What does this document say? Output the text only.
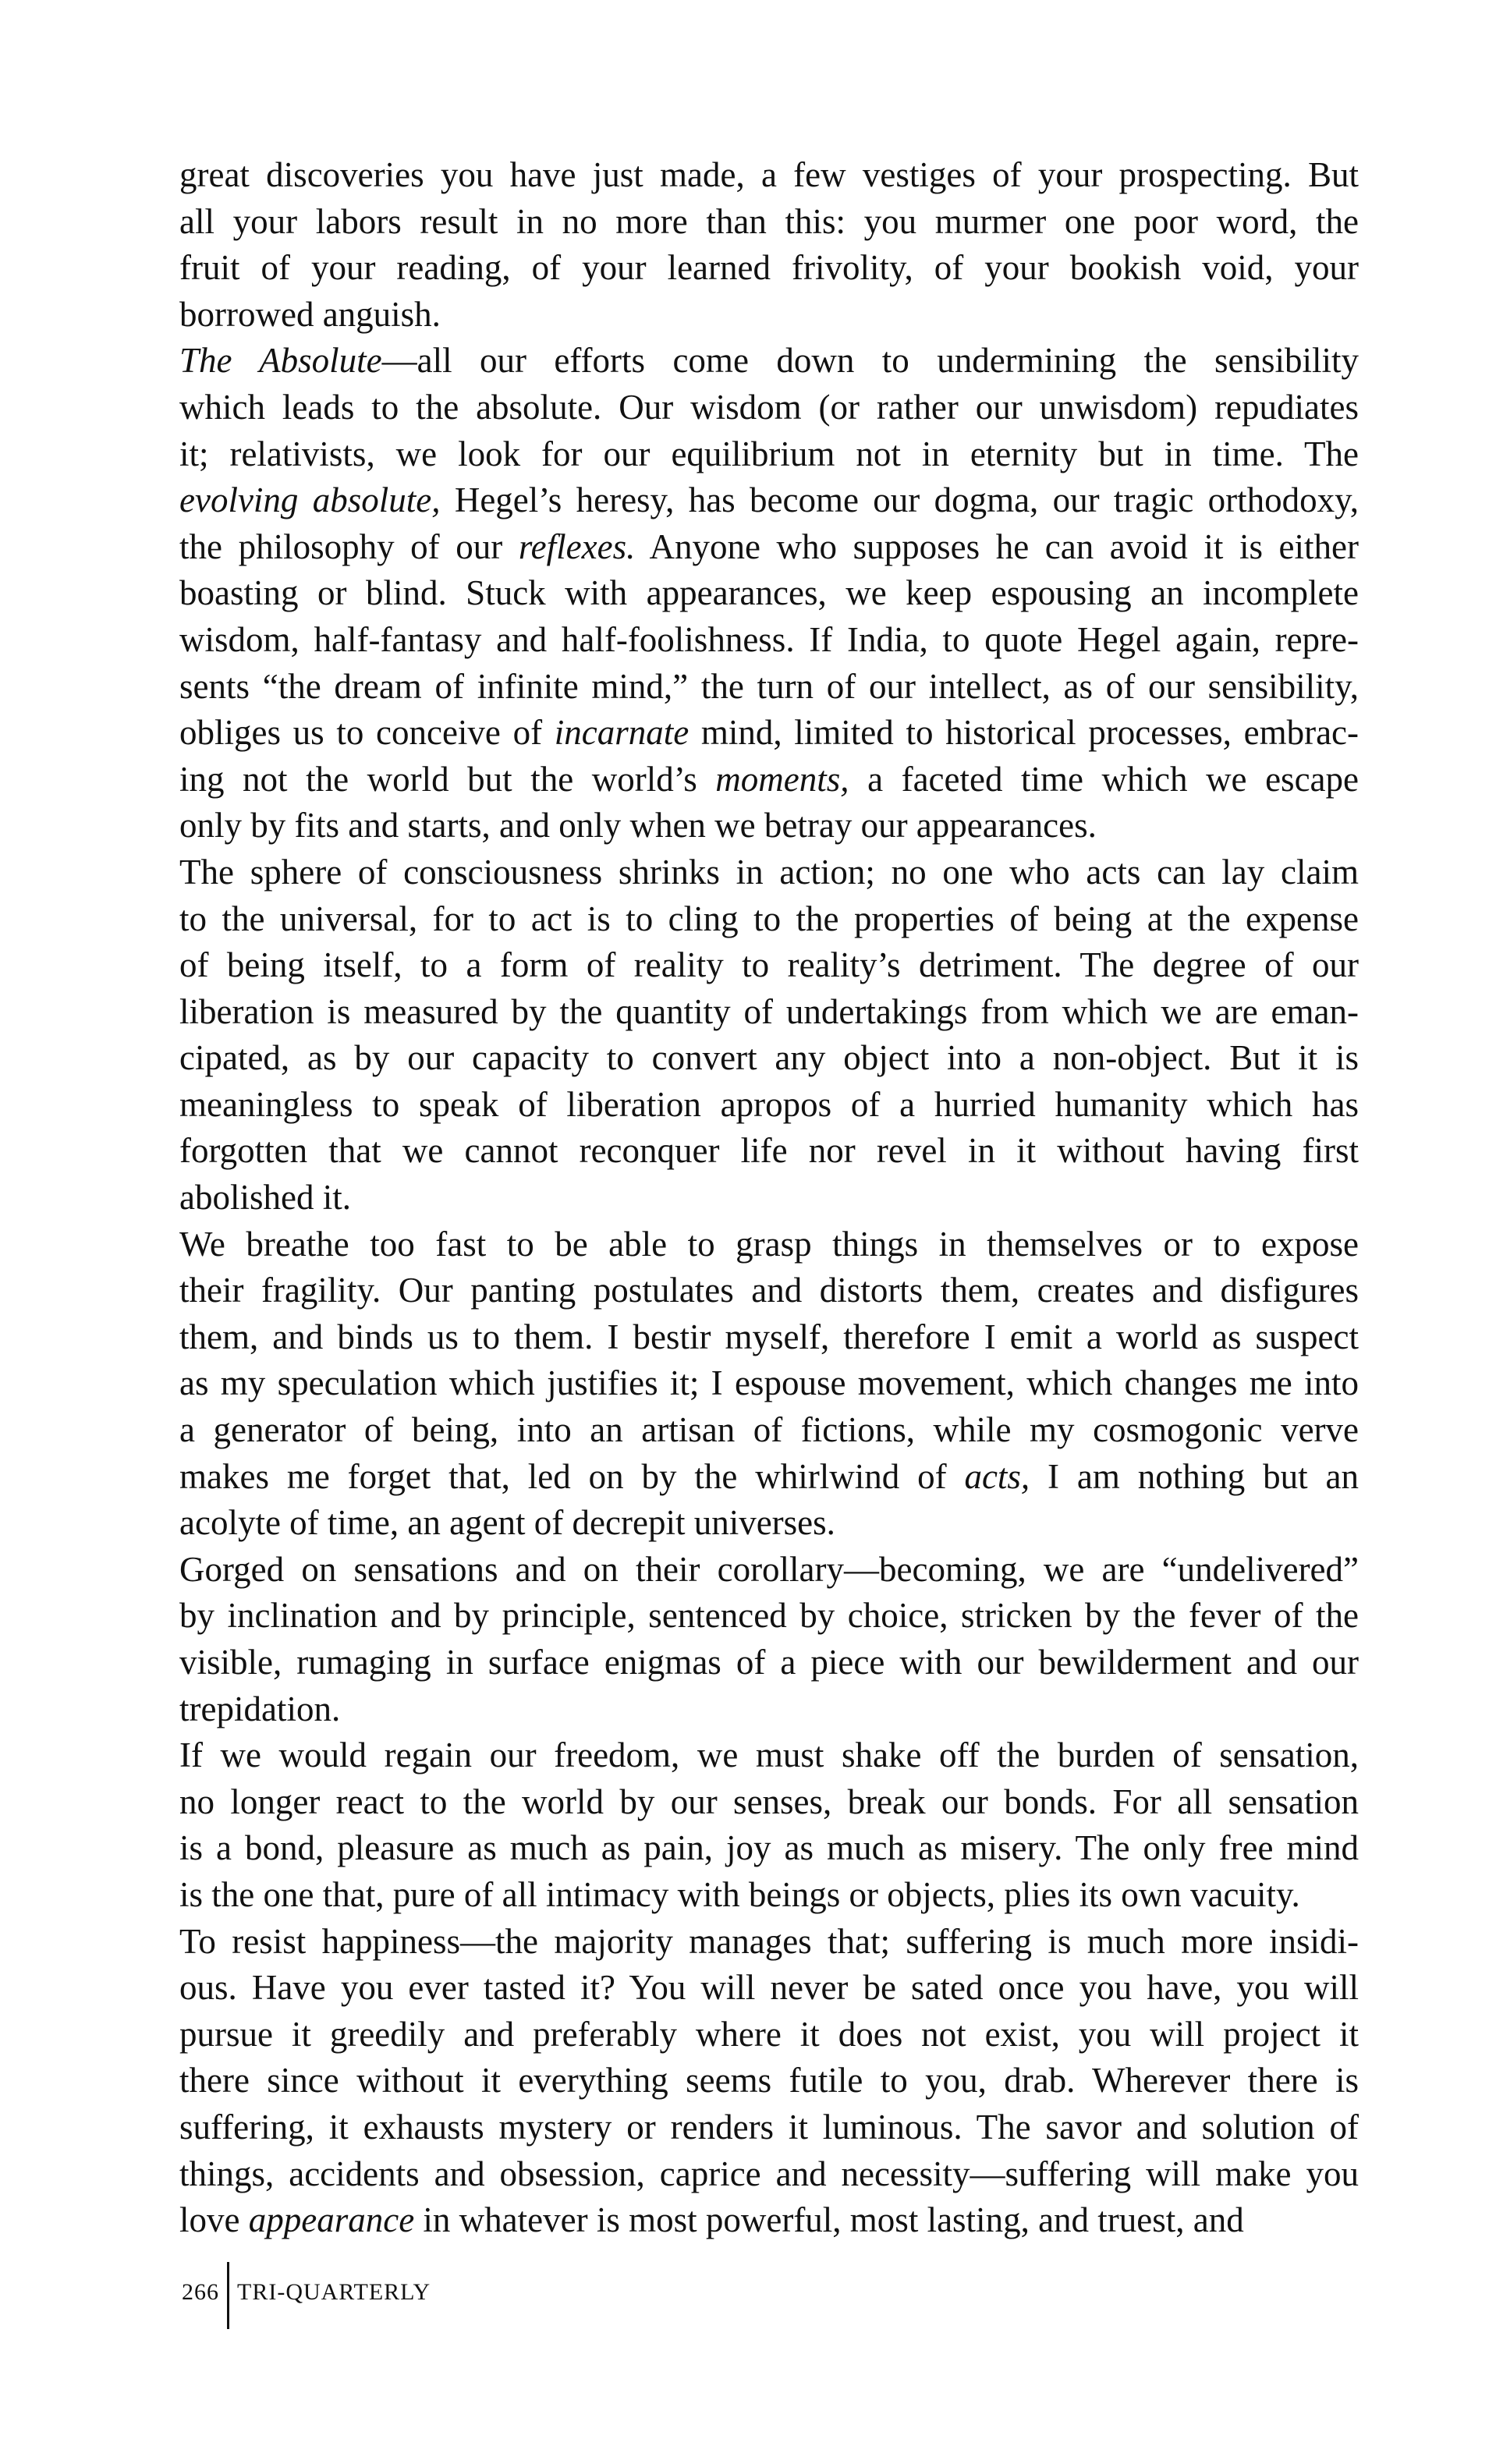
great discoveries you have just made, a few vestiges of your prospecting. But
all your labors result in no more than this: you murmer one poor word, the
fruit of your reading, of your learned frivolity, of your bookish void, your
borrowed anguish.

The Absolute—all our efforts come down to undermining the sensibility
which leads to the absolute. Our wisdom (or rather our unwisdom) repudiates
it; relativists, we look for our equilibrium not in eternity but in time. The
evolving absolute, Hegel’s heresy, has become our dogma, our tragic orthodoxy,
the philosophy of our reflexes. Anyone who supposes he can avoid it is either
boasting or blind. Stuck with appearances, we keep espousing an incomplete
wisdom, half-fantasy and half-foolishness. If India, to quote Hegel again, repre-
sents “the dream of infinite mind,” the turn of our intellect, as of our sensibility,
obliges us to conceive of incarnate mind, limited to historical processes, embrac-
ing not the world but the world’s moments, a faceted time which we escape
only by fits and starts, and only when we betray our appearances.

The sphere of consciousness shrinks in action; no one who acts can lay claim
to the universal, for to act is to cling to the properties of being at the expense
of being itself, to a form of reality to reality’s detriment. The degree of our
liberation is measured by the quantity of undertakings from which we are eman-
cipated, as by our capacity to convert any object into a non-object. But it is
meaningless to speak of liberation apropos of a hurried humanity which has
forgotten that we cannot reconquer life nor revel in it without having first
abolished it.

We breathe too fast to be able to grasp things in themselves or to expose
their fragility. Our panting postulates and distorts them, creates and disfigures
them, and binds us to them. I bestir myself, therefore I emit a world as suspect
as my speculation which justifies it; I espouse movement, which changes me into
a generator of being, into an artisan of fictions, while my cosmogonic verve
makes me forget that, led on by the whirlwind of acts, I am nothing but an
acolyte of time, an agent of decrepit universes.

Gorged on sensations and on their corollary—becoming, we are “undelivered”
by inclination and by principle, sentenced by choice, stricken by the fever of the
visible, rumaging in surface enigmas of a piece with our bewilderment and our
trepidation.

If we would regain our freedom, we must shake off the burden of sensation,
no longer react to the world by our senses, break our bonds. For all sensation
is a bond, pleasure as much as pain, joy as much as misery. The only free mind
is the one that, pure of all intimacy with beings or objects, plies its own vacuity.

To resist happiness—the majority manages that; suffering is much more insidi-
ous. Have you ever tasted it? You will never be sated once you have, you will
pursue it greedily and preferably where it does not exist, you will project it
there since without it everything seems futile to you, drab. Wherever there is
suffering, it exhausts mystery or renders it luminous. The savor and solution of
things, accidents and obsession, caprice and necessity—suffering will make you
love appearance in whatever is most powerful, most lasting, and truest, and

266 TRI-QUARTERLY
